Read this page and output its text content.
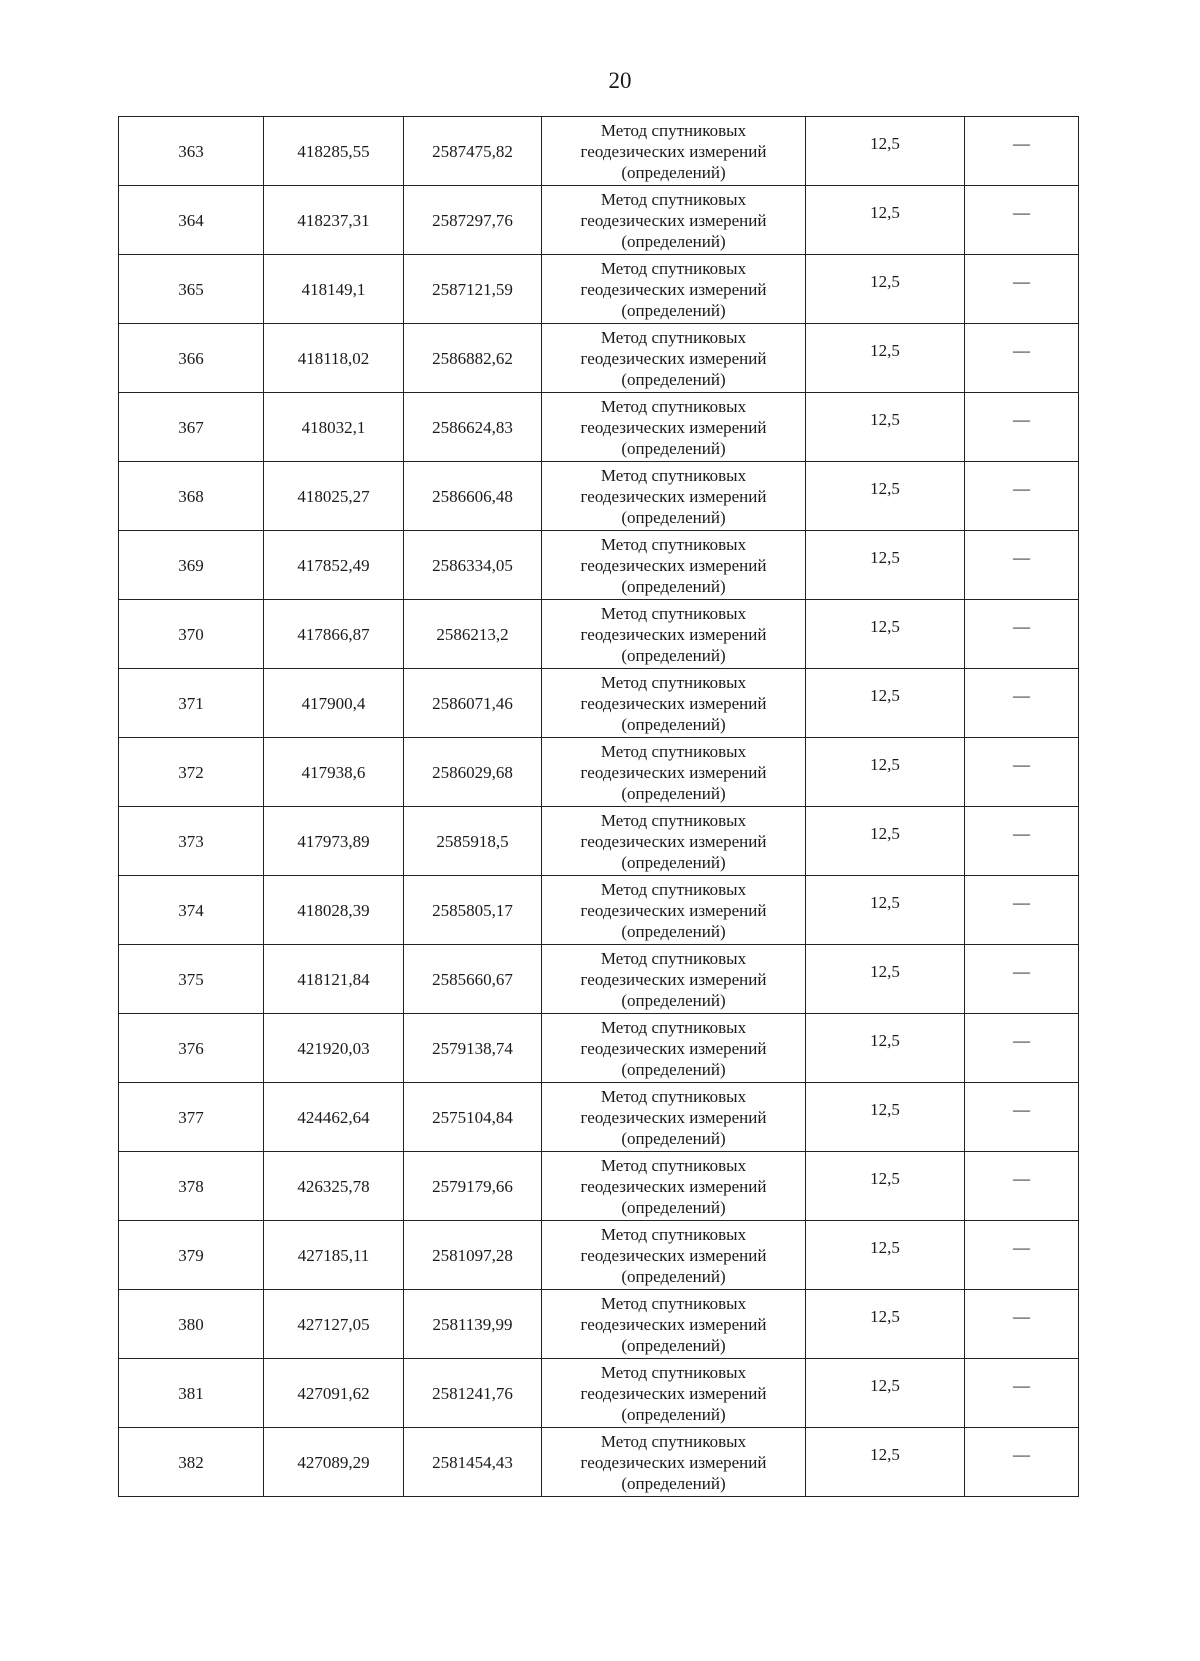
20
363	418285,55	2587475,82	Метод спутниковых
геодезических измерений
(определений)	12,5	—
364	418237,31	2587297,76	Метод спутниковых
геодезических измерений
(определений)	12,5	—
365	418149,1	2587121,59	Метод спутниковых
геодезических измерений
(определений)	12,5	—
366	418118,02	2586882,62	Метод спутниковых
геодезических измерений
(определений)	12,5	—
367	418032,1	2586624,83	Метод спутниковых
геодезических измерений
(определений)	12,5	—
368	418025,27	2586606,48	Метод спутниковых
геодезических измерений
(определений)	12,5	—
369	417852,49	2586334,05	Метод спутниковых
геодезических измерений
(определений)	12,5	—
370	417866,87	2586213,2	Метод спутниковых
геодезических измерений
(определений)	12,5	—
371	417900,4	2586071,46	Метод спутниковых
геодезических измерений
(определений)	12,5	—
372	417938,6	2586029,68	Метод спутниковых
геодезических измерений
(определений)	12,5	—
373	417973,89	2585918,5	Метод спутниковых
геодезических измерений
(определений)	12,5	—
374	418028,39	2585805,17	Метод спутниковых
геодезических измерений
(определений)	12,5	—
375	418121,84	2585660,67	Метод спутниковых
геодезических измерений
(определений)	12,5	—
376	421920,03	2579138,74	Метод спутниковых
геодезических измерений
(определений)	12,5	—
377	424462,64	2575104,84	Метод спутниковых
геодезических измерений
(определений)	12,5	—
378	426325,78	2579179,66	Метод спутниковых
геодезических измерений
(определений)	12,5	—
379	427185,11	2581097,28	Метод спутниковых
геодезических измерений
(определений)	12,5	—
380	427127,05	2581139,99	Метод спутниковых
геодезических измерений
(определений)	12,5	—
381	427091,62	2581241,76	Метод спутниковых
геодезических измерений
(определений)	12,5	—
382	427089,29	2581454,43	Метод спутниковых
геодезических измерений
(определений)	12,5	—
